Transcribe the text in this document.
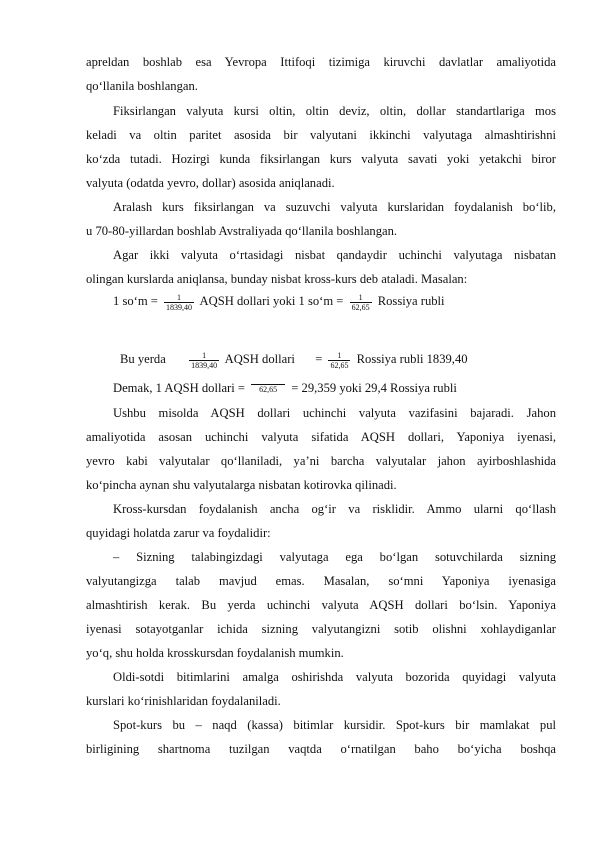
apreldan boshlab esa Yevropa Ittifoqi tizimiga kiruvchi davlatlar amaliyotida
qo‘llanila boshlangan.
Fiksirlangan valyuta kursi oltin, oltin deviz, oltin, dollar standartlariga mos
keladi va oltin paritet asosida bir valyutani ikkinchi valyutaga almashtirishni
ko‘zda tutadi. Hozirgi kunda fiksirlangan kurs valyuta savati yoki yetakchi biror
valyuta (odatda yevro, dollar) asosida aniqlanadi.
Aralash kurs fiksirlangan va suzuvchi valyuta kurslaridan foydalanish bo‘lib,
u 70-80-yillardan boshlab Avstraliyada qo‘llanila boshlangan.
Agar ikki valyuta o‘rtasidagi nisbat qandaydir uchinchi valyutaga nisbatan
olingan kurslarda aniqlansa, bunday nisbat kross-kurs deb ataladi. Masalan:
1 so‘m = $\frac{1}{1839,40}$ AQSH dollari yoki 1 so‘m = $\frac{1}{62,65}$ Rossiya rubli
Bu yerda	$\frac{1}{1839,40}$ AQSH dollari = $\frac{1}{62,65}$ Rossiya rubli 1839,40
Demak, 1 AQSH dollari =	62,65	= 29,359 yoki 29,4 Rossiya rubli
Ushbu misolda AQSH dollari uchinchi valyuta vazifasini bajaradi. Jahon
amaliyotida asosan uchinchi valyuta sifatida AQSH dollari, Yaponiya iyenasi,
yevro kabi valyutalar qo‘llaniladi, ya’ni barcha valyutalar jahon ayirboshlashida
ko‘pincha aynan shu valyutalarga nisbatan kotirovka qilinadi.
Kross-kursdan foydalanish ancha og‘ir va risklidir. Ammo ularni qo‘llash
quyidagi holatda zarur va foydalidir:
– Sizning talabingizdagi valyutaga ega bo‘lgan sotuvchilarda sizning
valyutangizga talab mavjud emas. Masalan, so‘mni Yaponiya iyenasiga
almashtirish kerak. Bu yerda uchinchi valyuta AQSH dollari bo‘lsin. Yaponiya
iyenasi sotayotganlar ichida sizning valyutangizni sotib olishni xohlaydiganlar
yo‘q, shu holda krosskursdan foydalanish mumkin.
Oldi-sotdi bitimlarini amalga oshirishda valyuta bozorida quyidagi valyuta
kurslari ko‘rinishlaridan foydalaniladi.
Spot-kurs bu – naqd (kassa) bitimlar kursidir. Spot-kurs bir mamlakat pul
birligining shartnoma tuzilgan vaqtda o‘rnatilgan baho bo‘yicha boshqa
